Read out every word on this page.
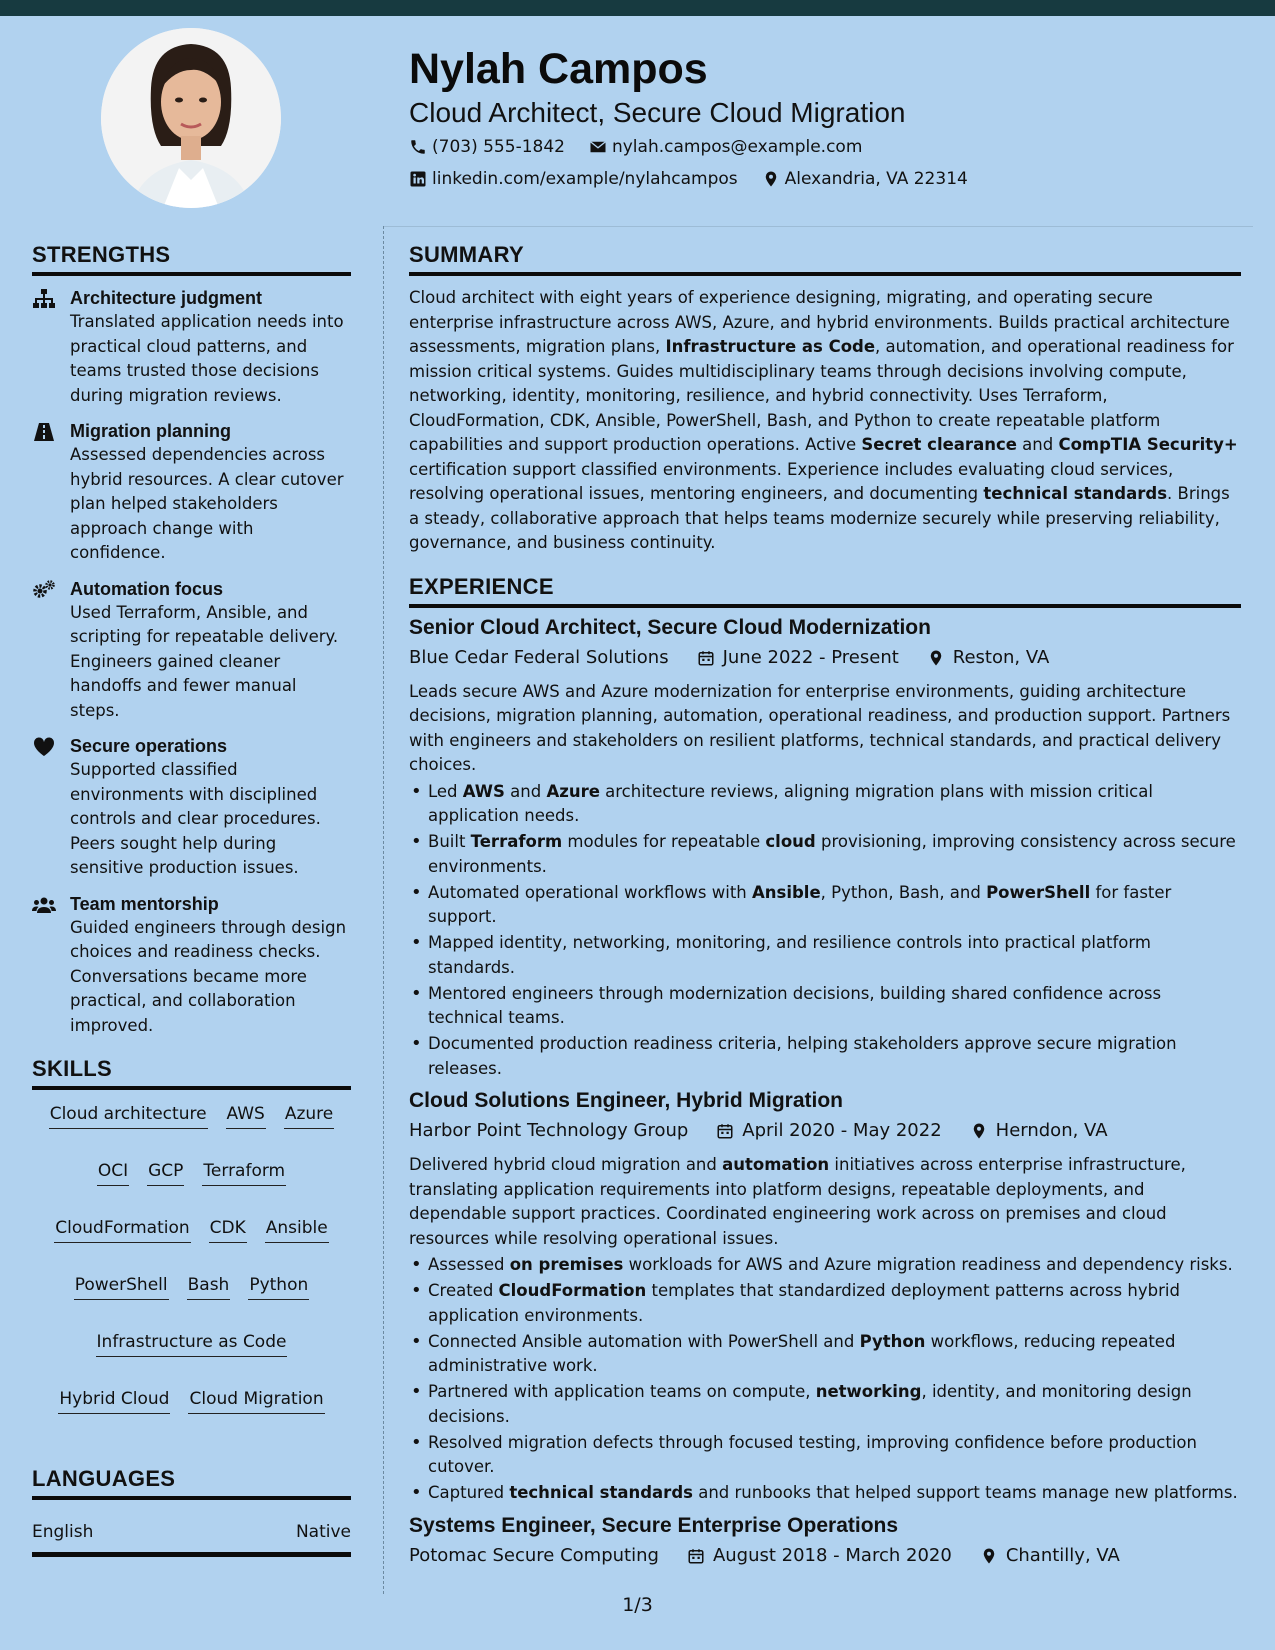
Nylah Campos
Cloud Architect, Secure Cloud Migration
(703) 555-1842	nylah.campos@example.com
linkedin.com/example/nylahcampos	Alexandria, VA 22314
STRENGTHS
Architecture judgment
Translated application needs into practical cloud patterns, and teams trusted those decisions during migration reviews.
Migration planning
Assessed dependencies across hybrid resources. A clear cutover plan helped stakeholders approach change with confidence.
Automation focus
Used Terraform, Ansible, and scripting for repeatable delivery. Engineers gained cleaner handoffs and fewer manual steps.
Secure operations
Supported classified environments with disciplined controls and clear procedures. Peers sought help during sensitive production issues.
Team mentorship
Guided engineers through design choices and readiness checks. Conversations became more practical, and collaboration improved.
SKILLS
Cloud architecture AWS Azure
OCI GCP Terraform
CloudFormation CDK Ansible
PowerShell Bash Python
Infrastructure as Code
Hybrid Cloud Cloud Migration
LANGUAGES
English	Native
SUMMARY
Cloud architect with eight years of experience designing, migrating, and operating secure enterprise infrastructure across AWS, Azure, and hybrid environments. Builds practical architecture assessments, migration plans, Infrastructure as Code, automation, and operational readiness for mission critical systems. Guides multidisciplinary teams through decisions involving compute, networking, identity, monitoring, resilience, and hybrid connectivity. Uses Terraform, CloudFormation, CDK, Ansible, PowerShell, Bash, and Python to create repeatable platform capabilities and support production operations. Active Secret clearance and CompTIA Security+ certification support classified environments. Experience includes evaluating cloud services, resolving operational issues, mentoring engineers, and documenting technical standards. Brings a steady, collaborative approach that helps teams modernize securely while preserving reliability, governance, and business continuity.
EXPERIENCE
Senior Cloud Architect, Secure Cloud Modernization
Blue Cedar Federal Solutions	June 2022 - Present	Reston, VA
Leads secure AWS and Azure modernization for enterprise environments, guiding architecture decisions, migration planning, automation, operational readiness, and production support. Partners with engineers and stakeholders on resilient platforms, technical standards, and practical delivery choices.
• Led AWS and Azure architecture reviews, aligning migration plans with mission critical application needs.
• Built Terraform modules for repeatable cloud provisioning, improving consistency across secure environments.
• Automated operational workflows with Ansible, Python, Bash, and PowerShell for faster support.
• Mapped identity, networking, monitoring, and resilience controls into practical platform standards.
• Mentored engineers through modernization decisions, building shared confidence across technical teams.
• Documented production readiness criteria, helping stakeholders approve secure migration releases.
Cloud Solutions Engineer, Hybrid Migration
Harbor Point Technology Group	April 2020 - May 2022	Herndon, VA
Delivered hybrid cloud migration and automation initiatives across enterprise infrastructure, translating application requirements into platform designs, repeatable deployments, and dependable support practices. Coordinated engineering work across on premises and cloud resources while resolving operational issues.
• Assessed on premises workloads for AWS and Azure migration readiness and dependency risks.
• Created CloudFormation templates that standardized deployment patterns across hybrid application environments.
• Connected Ansible automation with PowerShell and Python workflows, reducing repeated administrative work.
• Partnered with application teams on compute, networking, identity, and monitoring design decisions.
• Resolved migration defects through focused testing, improving confidence before production cutover.
• Captured technical standards and runbooks that helped support teams manage new platforms.
Systems Engineer, Secure Enterprise Operations
Potomac Secure Computing	August 2018 - March 2020	Chantilly, VA
1/3
